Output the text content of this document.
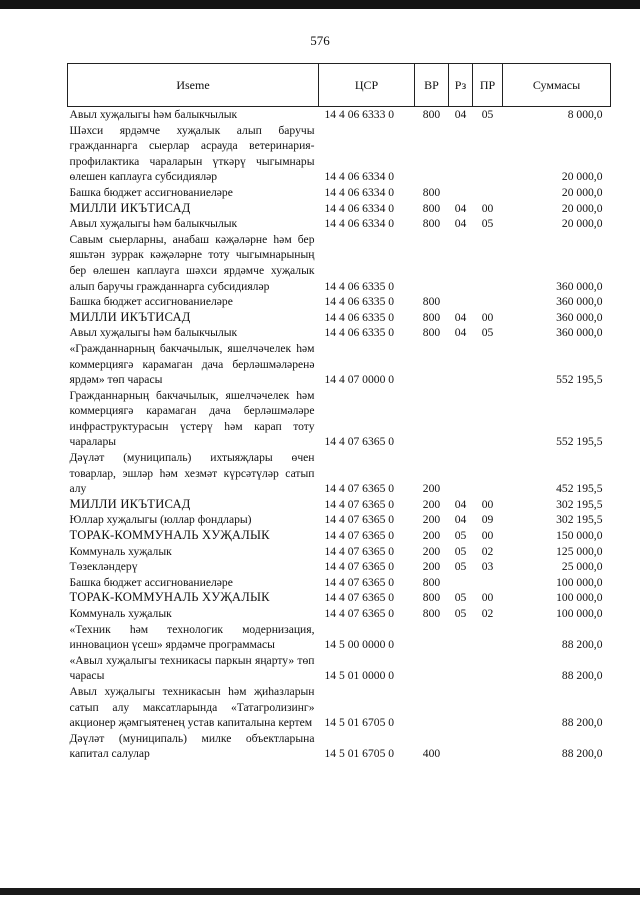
576
Иseme	ЦСР	ВР	Рз	ПР	Суммасы
Авыл хуҗалыгы һәм балыкчылык	14 4 06 6333 0	800	04	05	8 000,0
Шәхси ярдәмче хуҗалык алып баручы гражданнарга сыерлар асрауда ветеринария-профилактика чараларын үткәрү чыгымнары өлешен каплауга субсидияләр	14 4 06 6334 0				20 000,0
Башка бюджет ассигнованиеләре	14 4 06 6334 0	800			20 000,0
МИЛЛИ ИКЪТИСАД	14 4 06 6334 0	800	04	00	20 000,0
Авыл хуҗалыгы һәм балыкчылык	14 4 06 6334 0	800	04	05	20 000,0
Савым сыерларны, анабаш кәҗәләрне һәм бер яшьтән зуррак кәҗәләрне тоту чыгымнарының бер өлешен каплауга шәхси ярдәмче хуҗалык алып баручы гражданнарга субсидияләр	14 4 06 6335 0				360 000,0
Башка бюджет ассигнованиеләре	14 4 06 6335 0	800			360 000,0
МИЛЛИ ИКЪТИСАД	14 4 06 6335 0	800	04	00	360 000,0
Авыл хуҗалыгы һәм балыкчылык	14 4 06 6335 0	800	04	05	360 000,0
«Гражданнарның бакчачылык, яшелчәчелек һәм коммерциягә карамаган дача берләшмәләренә ярдәм» төп чарасы	14 4 07 0000 0				552 195,5
Гражданнарның бакчачылык, яшелчәчелек һәм коммерциягә карамаган дача берләшмәләре инфраструктурасын үстерү һәм карап тоту чаралары	14 4 07 6365 0				552 195,5
Дәүләт (муниципаль) ихтыяҗлары өчен товарлар, эшләр һәм хезмәт күрсәтүләр сатып алу	14 4 07 6365 0	200			452 195,5
МИЛЛИ ИКЪТИСАД	14 4 07 6365 0	200	04	00	302 195,5
Юллар хуҗалыгы (юллар фондлары)	14 4 07 6365 0	200	04	09	302 195,5
ТОРАК-КОММУНАЛЬ ХУҖАЛЫК	14 4 07 6365 0	200	05	00	150 000,0
Коммуналь хуҗалык	14 4 07 6365 0	200	05	02	125 000,0
Төзекләндерү	14 4 07 6365 0	200	05	03	25 000,0
Башка бюджет ассигнованиеләре	14 4 07 6365 0	800			100 000,0
ТОРАК-КОММУНАЛЬ ХУҖАЛЫК	14 4 07 6365 0	800	05	00	100 000,0
Коммуналь хуҗалык	14 4 07 6365 0	800	05	02	100 000,0
«Техник һәм технологик модернизация, инновацион үсеш» ярдәмче программасы	14 5 00 0000 0				88 200,0
«Авыл хуҗалыгы техникасы паркын яңарту» төп чарасы	14 5 01 0000 0				88 200,0
Авыл хуҗалыгы техникасын һәм җиһазларын сатып алу максатларында «Татагролизинг» акционер җәмгыятенең устав капиталына кертем	14 5 01 6705 0				88 200,0
Дәүләт (муниципаль) милке объектларына капитал салулар	14 5 01 6705 0	400			88 200,0
